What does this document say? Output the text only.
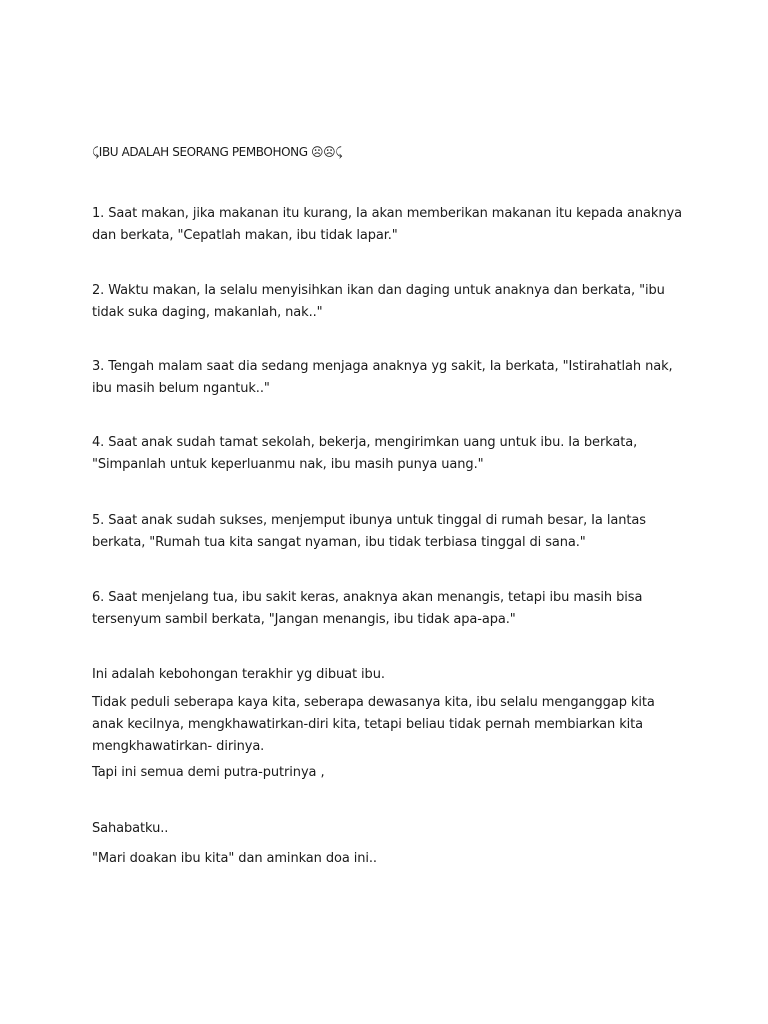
⤹IBU ADALAH SEORANG PEMBOHONG ☹☹⤹

1. Saat makan, jika makanan itu kurang, Ia akan memberikan makanan itu kepada anaknya dan berkata, "Cepatlah makan, ibu tidak lapar."

2. Waktu makan, Ia selalu menyisihkan ikan dan daging untuk anaknya dan berkata, "ibu tidak suka daging, makanlah, nak.."

3. Tengah malam saat dia sedang menjaga anaknya yg sakit, Ia berkata, "Istirahatlah nak, ibu masih belum ngantuk.."

4. Saat anak sudah tamat sekolah, bekerja, mengirimkan uang untuk ibu. Ia berkata, "Simpanlah untuk keperluanmu nak, ibu masih punya uang."

5. Saat anak sudah sukses, menjemput ibunya untuk tinggal di rumah besar, Ia lantas berkata, "Rumah tua kita sangat nyaman, ibu tidak terbiasa tinggal di sana."

6. Saat menjelang tua, ibu sakit keras, anaknya akan menangis, tetapi ibu masih bisa tersenyum sambil berkata, "Jangan menangis, ibu tidak apa-apa."

Ini adalah kebohongan terakhir yg dibuat ibu.

Tidak peduli seberapa kaya kita, seberapa dewasanya kita, ibu selalu menganggap kita anak kecilnya, mengkhawatirkan-diri kita, tetapi beliau tidak pernah membiarkan kita mengkhawatirkan- dirinya.

Tapi ini semua demi putra-putrinya ,

Sahabatku..

"Mari doakan ibu kita" dan aminkan doa ini..
